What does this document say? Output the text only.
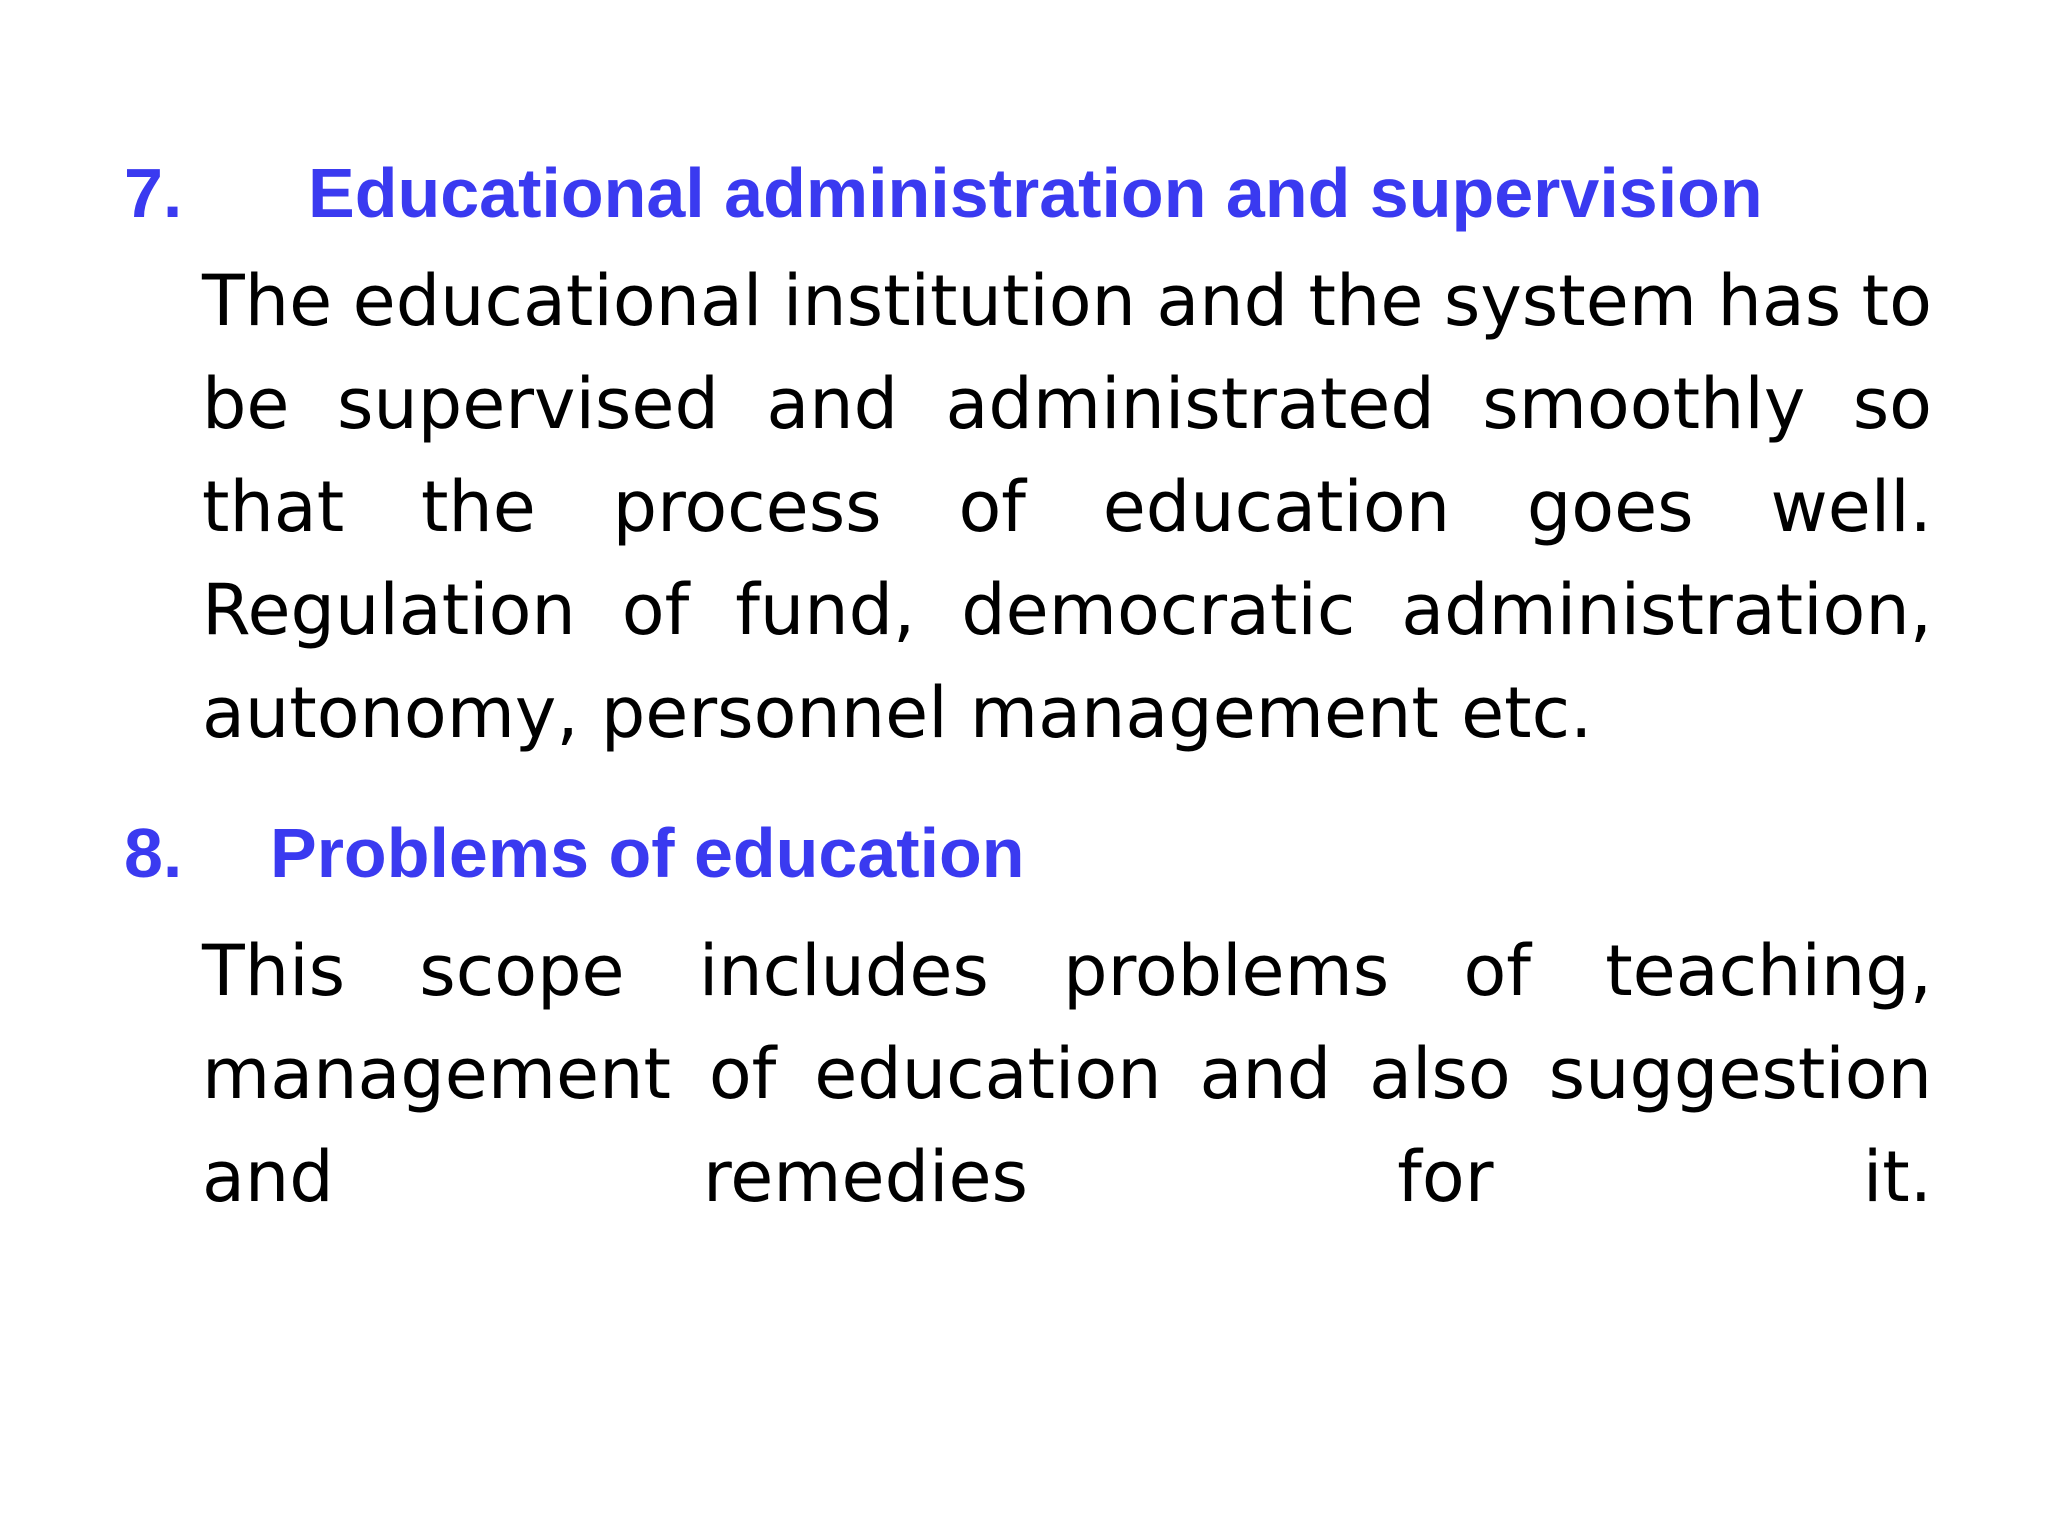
7.	Educational administration and supervision
The educational institution and the system has to
be supervised and administrated smoothly so
that the process of education goes well.
Regulation of fund, democratic administration,
autonomy, personnel management etc.
8.	Problems of education
This scope includes problems of teaching,
management of education and also suggestion
and	remedies	for	it.
